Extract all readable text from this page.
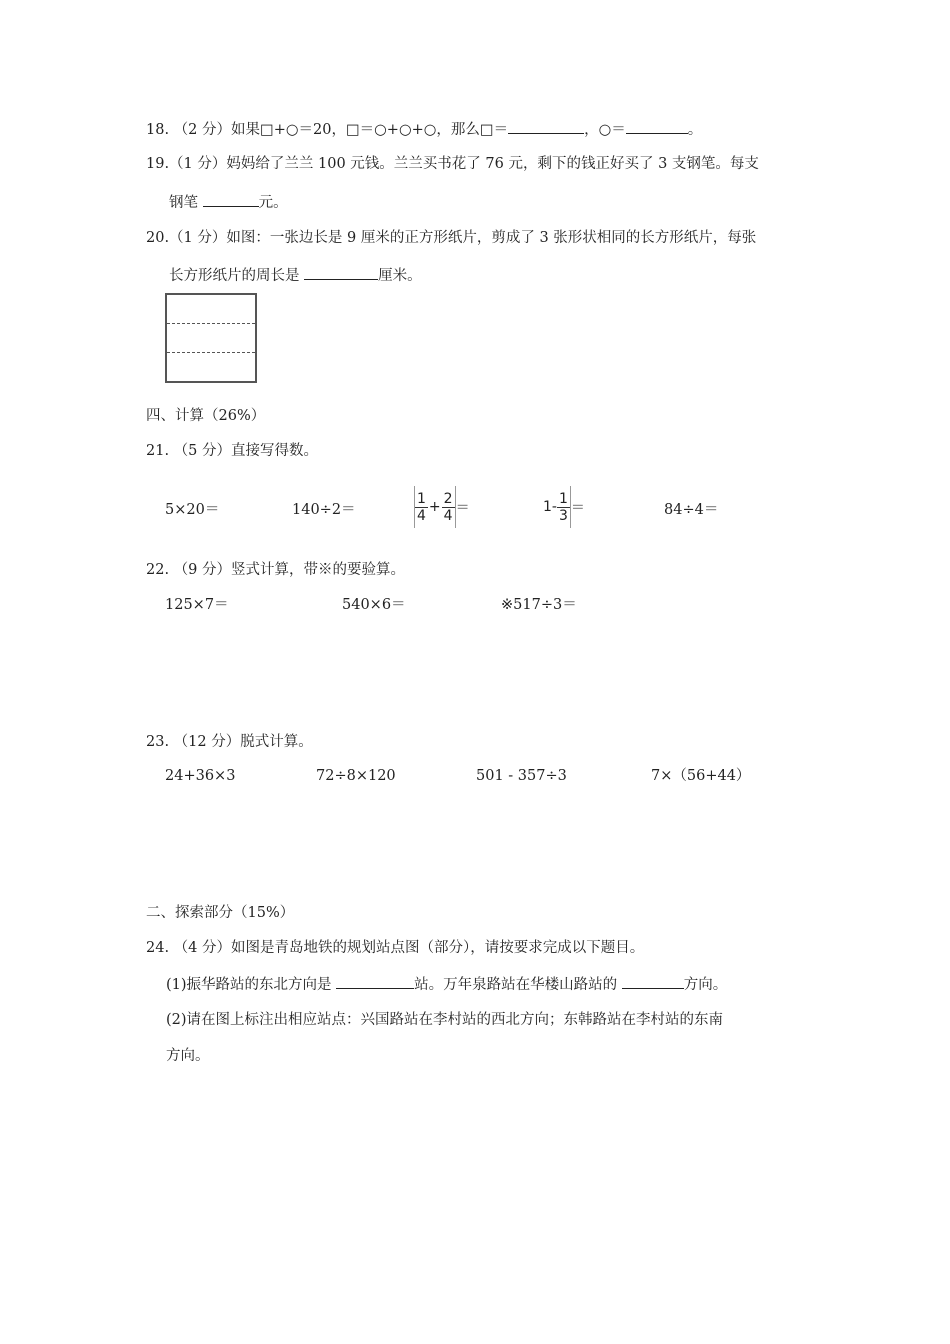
18. （2 分）如果□+○＝20，□＝○+○+○，那么□＝	，○＝	。
19.（1 分）妈妈给了兰兰 100 元钱。兰兰买书花了 76 元，剩下的钱正好买了 3 支钢笔。每支
钢笔	元。
20.（1 分）如图：一张边长是 9 厘米的正方形纸片，剪成了 3 张形状相同的长方形纸片，每张
长方形纸片的周长是	厘米。
四、计算（26%）
21. （5 分）直接写得数。
5×20＝	140÷2＝	$\frac{1}{4} + \frac{2}{4}$ ＝	$1- \frac{1}{3}$ ＝	84÷4＝
22. （9 分）竖式计算，带※的要验算。
125×7＝	540×6＝	※517÷3＝
23. （12 分）脱式计算。
24+36×3	72÷8×120	501 - 357÷3	7×（56+44）
二、探索部分（15%）
24. （4 分）如图是青岛地铁的规划站点图（部分），请按要求完成以下题目。
(1)振华路站的东北方向是	站。万年泉路站在华楼山路站的	方向。
(2)请在图上标注出相应站点：兴国路站在李村站的西北方向；东韩路站在李村站的东南
方向。
